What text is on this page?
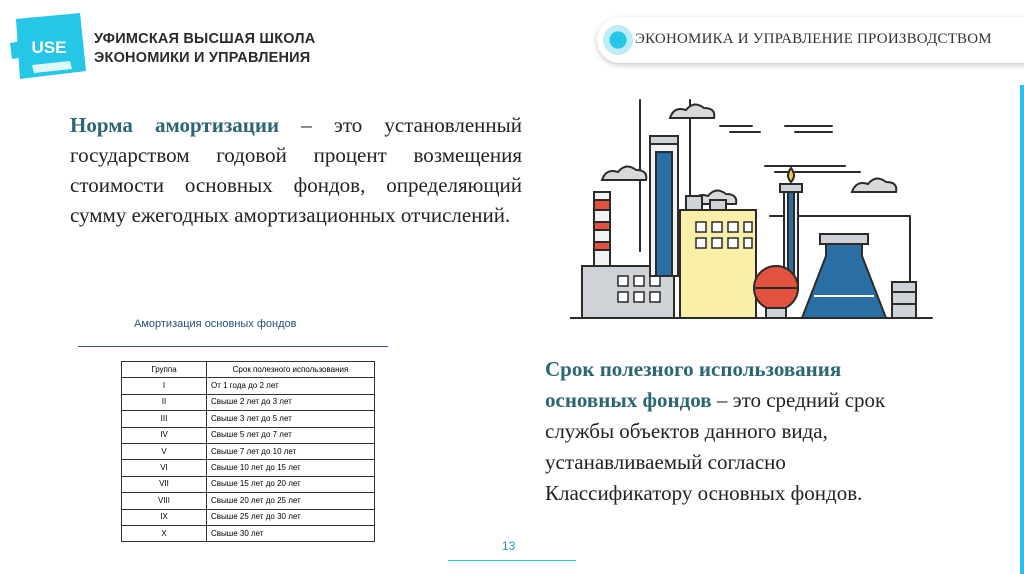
USE УФИМСКАЯ ВЫСШАЯ ШКОЛА
ЭКОНОМИКИ И УПРАВЛЕНИЯ
ЭКОНОМИКА И УПРАВЛЕНИЕ ПРОИЗВОДСТВОМ
Норма амортизации – это установленный государством годовой процент возмещения стоимости основных фондов, определяющий сумму ежегодных амортизационных отчислений.
Амортизация основных фондов
Группа	Срок полезного использования
I	От 1 года до 2 лет
II	Свыше 2 лет до 3 лет
III	Свыше 3 лет до 5 лет
IV	Свыше 5 лет до 7 лет
V	Свыше 7 лет до 10 лет
VI	Свыше 10 лет до 15 лет
VII	Свыше 15 лет до 20 лет
VIII	Свыше 20 лет до 25 лет
IX	Свыше 25 лет до 30 лет
X	Свыше 30 лет
Срок полезного использования основных фондов – это средний срок службы объектов данного вида, устанавливаемый согласно Классификатору основных фондов.
13
